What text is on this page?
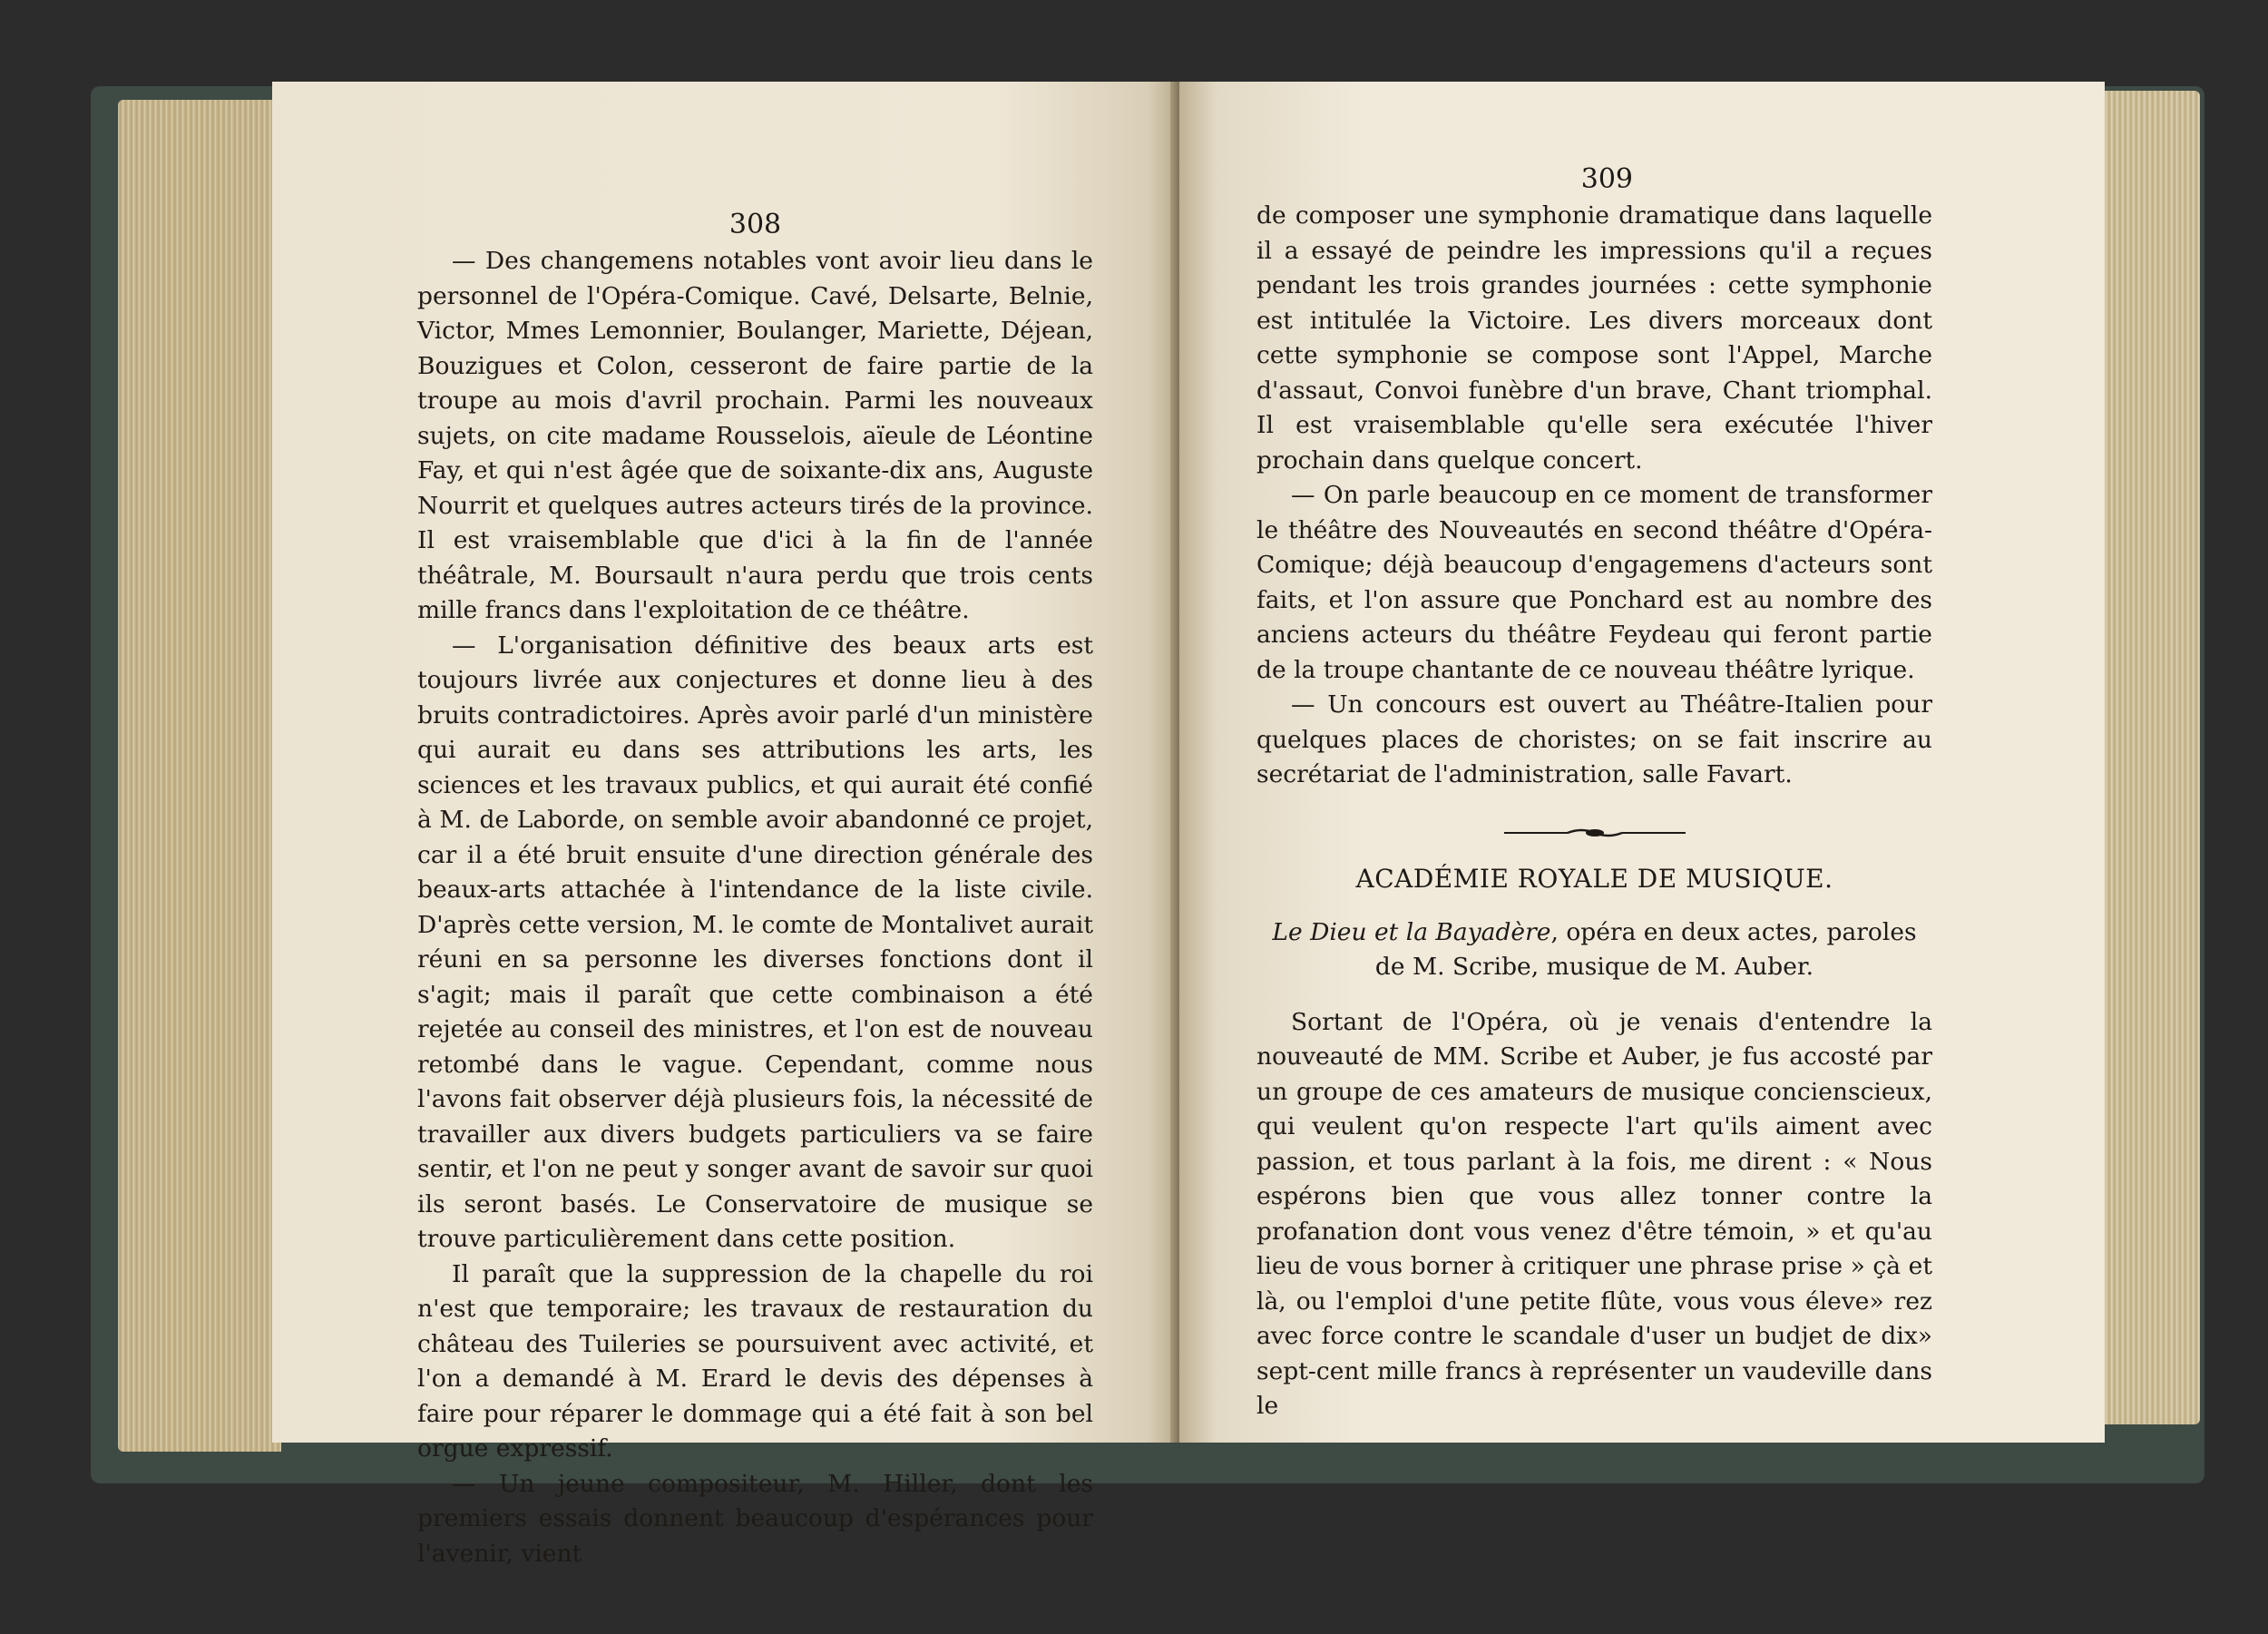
308

— Des changemens notables vont avoir lieu dans le personnel de l'Opéra-Comique. Cavé, Delsarte, Belnie, Victor, Mmes Lemonnier, Boulanger, Mariette, Déjean, Bouzigues et Colon, cesseront de faire partie de la troupe au mois d'avril prochain. Parmi les nouveaux sujets, on cite madame Rousselois, aïeule de Léontine Fay, et qui n'est âgée que de soixante-dix ans, Auguste Nourrit et quelques autres acteurs tirés de la province. Il est vraisemblable que d'ici à la fin de l'année théâtrale, M. Boursault n'aura perdu que trois cents mille francs dans l'exploitation de ce théâtre.

— L'organisation définitive des beaux arts est toujours livrée aux conjectures et donne lieu à des bruits contradictoires. Après avoir parlé d'un ministère qui aurait eu dans ses attributions les arts, les sciences et les travaux publics, et qui aurait été confié à M. de Laborde, on semble avoir abandonné ce projet, car il a été bruit ensuite d'une direction générale des beaux-arts attachée à l'intendance de la liste civile. D'après cette version, M. le comte de Montalivet aurait réuni en sa personne les diverses fonctions dont il s'agit; mais il paraît que cette combinaison a été rejetée au conseil des ministres, et l'on est de nouveau retombé dans le vague. Cependant, comme nous l'avons fait observer déjà plusieurs fois, la nécessité de travailler aux divers budgets particuliers va se faire sentir, et l'on ne peut y songer avant de savoir sur quoi ils seront basés. Le Conservatoire de musique se trouve particulièrement dans cette position.

Il paraît que la suppression de la chapelle du roi n'est que temporaire; les travaux de restauration du château des Tuileries se poursuivent avec activité, et l'on a demandé à M. Erard le devis des dépenses à faire pour réparer le dommage qui a été fait à son bel orgue expressif.

— Un jeune compositeur, M. Hiller, dont les premiers essais donnent beaucoup d'espérances pour l'avenir, vient

309

de composer une symphonie dramatique dans laquelle il a essayé de peindre les impressions qu'il a reçues pendant les trois grandes journées : cette symphonie est intitulée la Victoire. Les divers morceaux dont cette symphonie se compose sont l'Appel, Marche d'assaut, Convoi funèbre d'un brave, Chant triomphal. Il est vraisemblable qu'elle sera exécutée l'hiver prochain dans quelque concert.

— On parle beaucoup en ce moment de transformer le théâtre des Nouveautés en second théâtre d'Opéra-Comique; déjà beaucoup d'engagemens d'acteurs sont faits, et l'on assure que Ponchard est au nombre des anciens acteurs du théâtre Feydeau qui feront partie de la troupe chantante de ce nouveau théâtre lyrique.

— Un concours est ouvert au Théâtre-Italien pour quelques places de choristes; on se fait inscrire au secrétariat de l'administration, salle Favart.

ACADÉMIE ROYALE DE MUSIQUE.
Le Dieu et la Bayadère, opéra en deux actes, paroles de M. Scribe, musique de M. Auber.

Sortant de l'Opéra, où je venais d'entendre la nouveauté de MM. Scribe et Auber, je fus accosté par un groupe de ces amateurs de musique concienscieux, qui veulent qu'on respecte l'art qu'ils aiment avec passion, et tous parlant à la fois, me dirent : « Nous espérons bien que vous allez tonner contre la profanation dont vous venez d'être témoin, » et qu'au lieu de vous borner à critiquer une phrase prise » çà et là, ou l'emploi d'une petite flûte, vous vous éleve» rez avec force contre le scandale d'user un budjet de dix» sept-cent mille francs à représenter un vaudeville dans le
